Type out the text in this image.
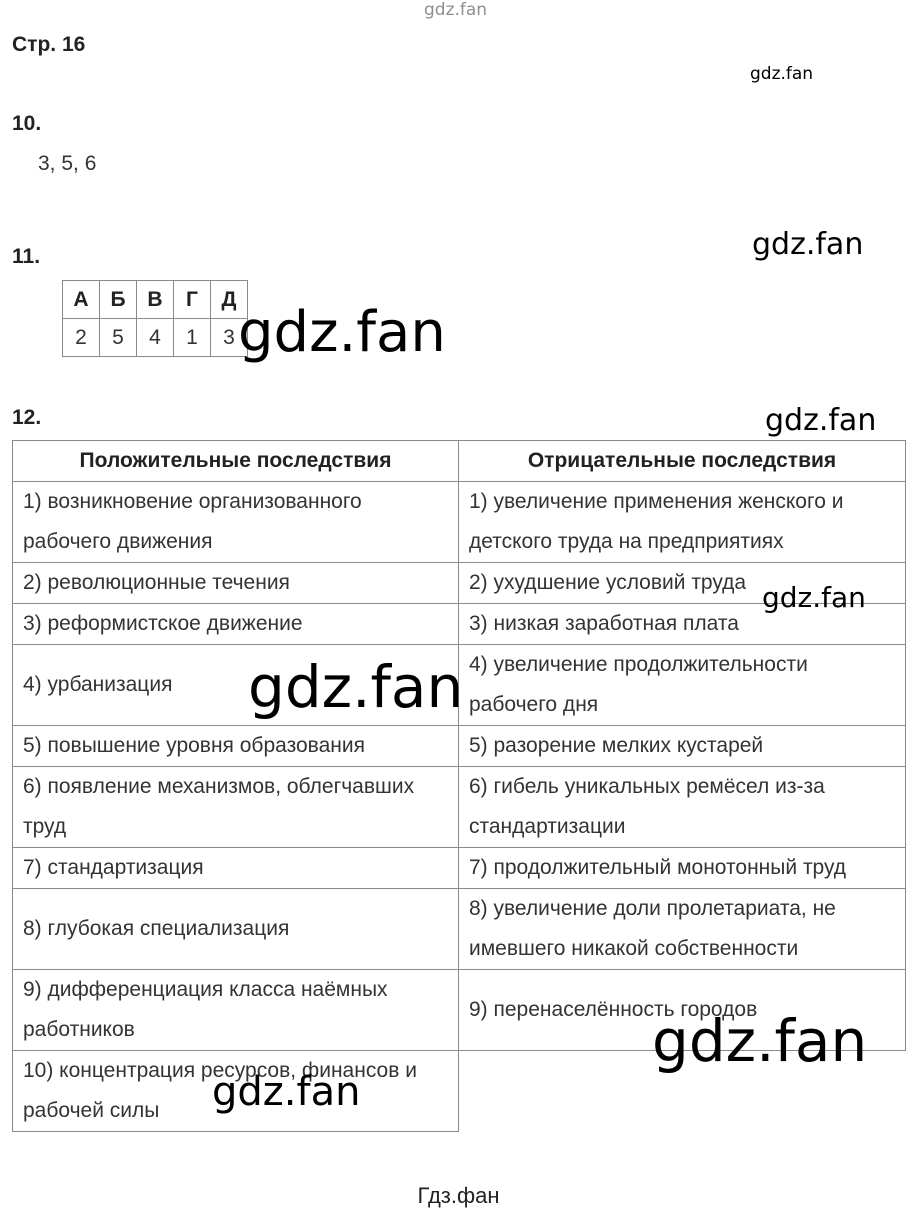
gdz.fan
Стр. 16
gdz.fan
10.
3, 5, 6
gdz.fan
11.
А	Б	В	Г	Д
2	5	4	1	3
12.
Положительные последствия	Отрицательные последствия
1) возникновение организованного рабочего движения	1) увеличение применения женского и детского труда на предприятиях
2) революционные течения	2) ухудшение условий труда
3) реформистское движение	3) низкая заработная плата
4) урбанизация	4) увеличение продолжительности рабочего дня
5) повышение уровня образования	5) разорение мелких кустарей
6) появление механизмов, облегчавших труд	6) гибель уникальных ремёсел из-за стандартизации
7) стандартизация	7) продолжительный монотонный труд
8) глубокая специализация	8) увеличение доли пролетариата, не имевшего никакой собственности
9) дифференциация класса наёмных работников	9) перенаселённость городов
10) концентрация ресурсов, финансов и рабочей силы	
gdz.fan
gdz.fan
gdz.fan
gdz.fan
gdz.fan
gdz.fan
Гдз.фан
